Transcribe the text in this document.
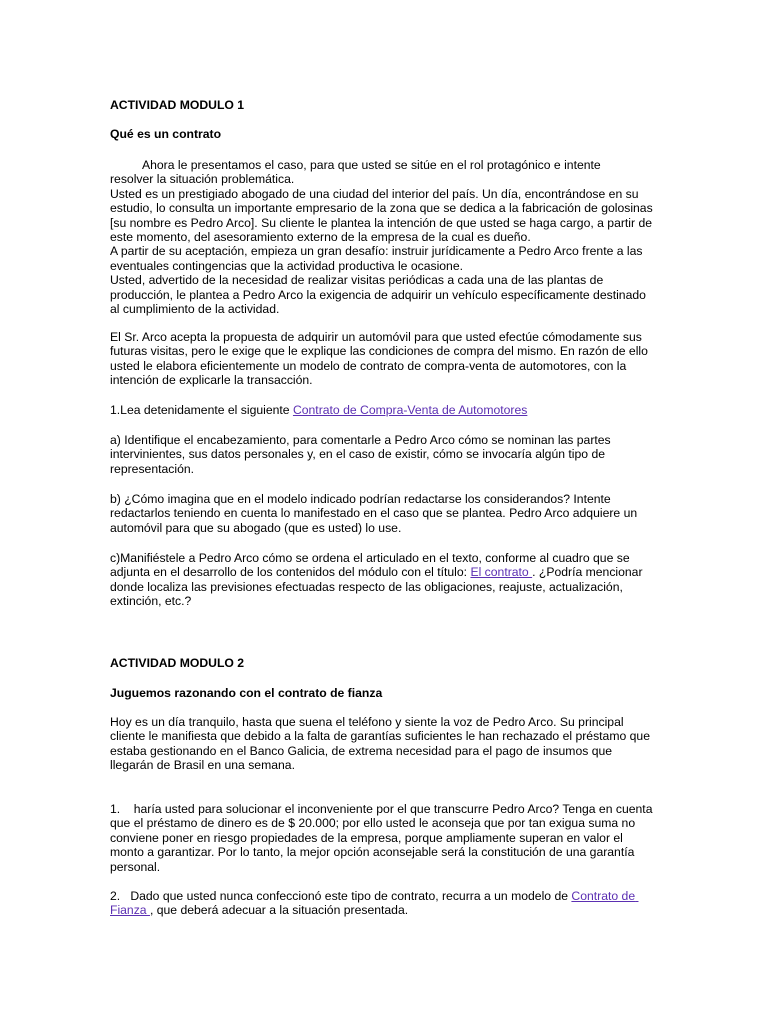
ACTIVIDAD MODULO 1
Qué es un contrato

Ahora le presentamos el caso, para que usted se sitúe en el rol protagónico e intente
resolver la situación problemática.
Usted es un prestigiado abogado de una ciudad del interior del país. Un día, encontrándose en su estudio, lo consulta un importante empresario de la zona que se dedica a la fabricación de golosinas [su nombre es Pedro Arco]. Su cliente le plantea la intención de que usted se haga cargo, a partir de este momento, del asesoramiento externo de la empresa de la cual es dueño.
A partir de su aceptación, empieza un gran desafío: instruir jurídicamente a Pedro Arco frente a las eventuales contingencias que la actividad productiva le ocasione.
Usted, advertido de la necesidad de realizar visitas periódicas a cada una de las plantas de producción, le plantea a Pedro Arco la exigencia de adquirir un vehículo específicamente destinado al cumplimiento de la actividad.

El Sr. Arco acepta la propuesta de adquirir un automóvil para que usted efectúe cómodamente sus futuras visitas, pero le exige que le explique las condiciones de compra del mismo. En razón de ello usted le elabora eficientemente un modelo de contrato de compra-venta de automotores, con la intención de explicarle la transacción.

1.Lea detenidamente el siguiente Contrato de Compra-Venta de Automotores

a) Identifique el encabezamiento, para comentarle a Pedro Arco cómo se nominan las partes intervinientes, sus datos personales y, en el caso de existir, cómo se invocaría algún tipo de representación.

b) ¿Cómo imagina que en el modelo indicado podrían redactarse los considerandos? Intente redactarlos teniendo en cuenta lo manifestado en el caso que se plantea. Pedro Arco adquiere un automóvil para que su abogado (que es usted) lo use.

c)Manifiéstele a Pedro Arco cómo se ordena el articulado en el texto, conforme al cuadro que se adjunta en el desarrollo de los contenidos del módulo con el título: El contrato . ¿Podría mencionar donde localiza las previsiones efectuadas respecto de las obligaciones, reajuste, actualización, extinción, etc.?

ACTIVIDAD MODULO 2
Juguemos razonando con el contrato de fianza

Hoy es un día tranquilo, hasta que suena el teléfono y siente la voz de Pedro Arco. Su principal cliente le manifiesta que debido a la falta de garantías suficientes le han rechazado el préstamo que estaba gestionando en el Banco Galicia, de extrema necesidad para el pago de insumos que llegarán de Brasil en una semana.

1.    haría usted para solucionar el inconveniente por el que transcurre Pedro Arco? Tenga en cuenta que el préstamo de dinero es de $ 20.000; por ello usted le aconseja que por tan exigua suma no conviene poner en riesgo propiedades de la empresa, porque ampliamente superan en valor el monto a garantizar. Por lo tanto, la mejor opción aconsejable será la constitución de una garantía personal.

2.   Dado que usted nunca confeccionó este tipo de contrato, recurra a un modelo de Contrato de Fianza , que deberá adecuar a la situación presentada.
